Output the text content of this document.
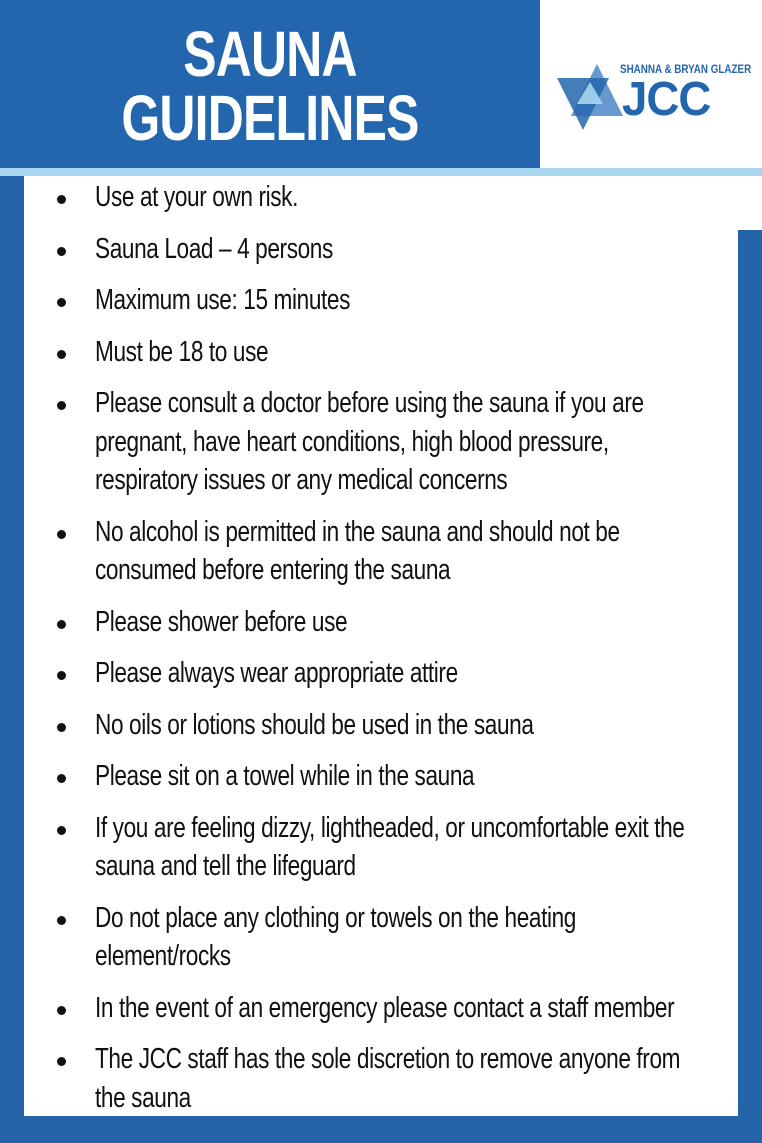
SAUNA
GUIDELINES
SHANNA & BRYAN GLAZER
JCC
Use at your own risk.
Sauna Load – 4 persons
Maximum use: 15 minutes
Must be 18 to use
Please consult a doctor before using the sauna if you are pregnant, have heart conditions, high blood pressure, respiratory issues or any medical concerns
No alcohol is permitted in the sauna and should not be consumed before entering the sauna
Please shower before use
Please always wear appropriate attire
No oils or lotions should be used in the sauna
Please sit on a towel while in the sauna
If you are feeling dizzy, lightheaded, or uncomfortable exit the sauna and tell the lifeguard
Do not place any clothing or towels on the heating element/rocks
In the event of an emergency please contact a staff member
The JCC staff has the sole discretion to remove anyone from the sauna
